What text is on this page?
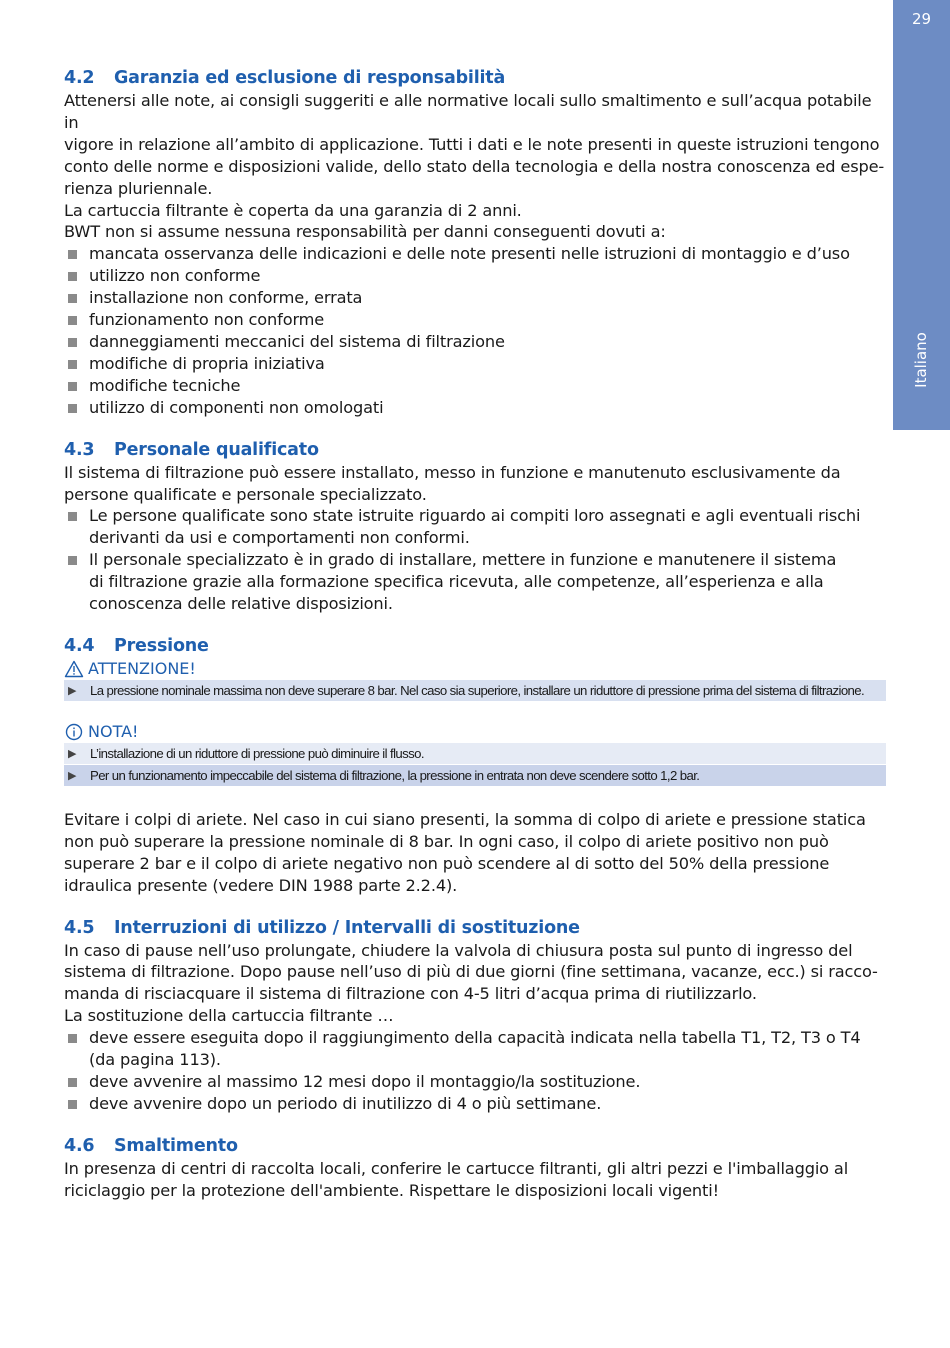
29
Italiano
4.2 Garanzia ed esclusione di responsabilità

Attenersi alle note, ai consigli suggeriti e alle normative locali sullo smaltimento e sull’acqua potabile in

vigore in relazione all’ambito di applicazione. Tutti i dati e le note presenti in queste istruzioni tengono

conto delle norme e disposizioni valide, dello stato della tecnologia e della nostra conoscenza ed espe-

rienza pluriennale.

La cartuccia filtrante è coperta da una garanzia di 2 anni.

BWT non si assume nessuna responsabilità per danni conseguenti dovuti a:

mancata osservanza delle indicazioni e delle note presenti nelle istruzioni di montaggio e d’uso
utilizzo non conforme
installazione non conforme, errata
funzionamento non conforme
danneggiamenti meccanici del sistema di filtrazione
modifiche di propria iniziativa
modifiche tecniche
utilizzo di componenti non omologati
4.3 Personale qualificato

Il sistema di filtrazione può essere installato, messo in funzione e manutenuto esclusivamente da

persone qualificate e personale specializzato.

Le persone qualificate sono state istruite riguardo ai compiti loro assegnati e agli eventuali rischi
derivanti da usi e comportamenti non conformi.
Il personale specializzato è in grado di installare, mettere in funzione e manutenere il sistema
di filtrazione grazie alla formazione specifica ricevuta, alle competenze, all’esperienza e alla
conoscenza delle relative disposizioni.
4.4 Pressione
ATTENZIONE!
▶	La pressione nominale massima non deve superare 8 bar. Nel caso sia superiore, installare un riduttore di pressione prima del sistema di filtrazione.
NOTA!
▶	L’installazione di un riduttore di pressione può diminuire il flusso.
▶	Per un funzionamento impeccabile del sistema di filtrazione, la pressione in entrata non deve scendere sotto 1,2 bar.

Evitare i colpi di ariete. Nel caso in cui siano presenti, la somma di colpo di ariete e pressione statica

non può superare la pressione nominale di 8 bar. In ogni caso, il colpo di ariete positivo non può

superare 2 bar e il colpo di ariete negativo non può scendere al di sotto del 50% della pressione

idraulica presente (vedere DIN 1988 parte 2.2.4).

4.5 Interruzioni di utilizzo / Intervalli di sostituzione

In caso di pause nell’uso prolungate, chiudere la valvola di chiusura posta sul punto di ingresso del

sistema di filtrazione. Dopo pause nell’uso di più di due giorni (fine settimana, vacanze, ecc.) si racco-

manda di risciacquare il sistema di filtrazione con 4-5 litri d’acqua prima di riutilizzarlo.

La sostituzione della cartuccia filtrante …

deve essere eseguita dopo il raggiungimento della capacità indicata nella tabella T1, T2, T3 o T4
(da pagina 113).
deve avvenire al massimo 12 mesi dopo il montaggio/la sostituzione.
deve avvenire dopo un periodo di inutilizzo di 4 o più settimane.
4.6 Smaltimento

In presenza di centri di raccolta locali, conferire le cartucce filtranti, gli altri pezzi e l'imballaggio al

riciclaggio per la protezione dell'ambiente. Rispettare le disposizioni locali vigenti!
